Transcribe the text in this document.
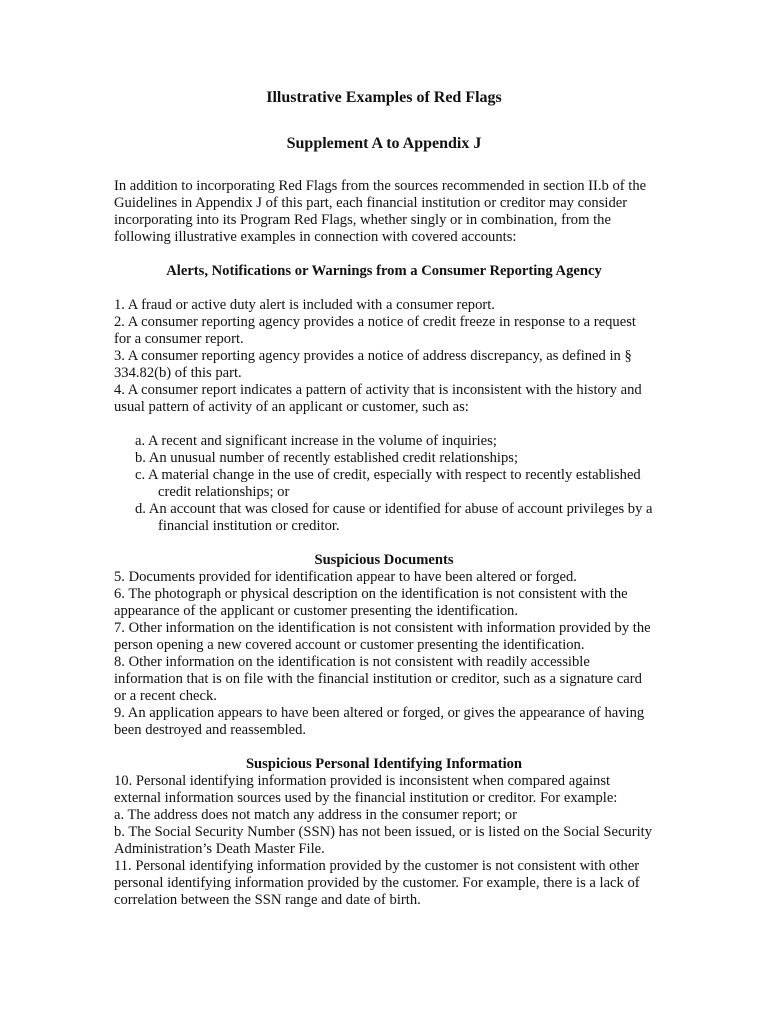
Illustrative Examples of Red Flags

Supplement A to Appendix J

In addition to incorporating Red Flags from the sources recommended in section II.b of the Guidelines in Appendix J of this part, each financial institution or creditor may consider incorporating into its Program Red Flags, whether singly or in combination, from the following illustrative examples in connection with covered accounts:

Alerts, Notifications or Warnings from a Consumer Reporting Agency

1. A fraud or active duty alert is included with a consumer report.

2. A consumer reporting agency provides a notice of credit freeze in response to a request for a consumer report.

3. A consumer reporting agency provides a notice of address discrepancy, as defined in § 334.82(b) of this part.

4. A consumer report indicates a pattern of activity that is inconsistent with the history and usual pattern of activity of an applicant or customer, such as:

a. A recent and significant increase in the volume of inquiries;

b. An unusual number of recently established credit relationships;

c. A material change in the use of credit, especially with respect to recently established credit relationships; or

d. An account that was closed for cause or identified for abuse of account privileges by a financial institution or creditor.

Suspicious Documents

5. Documents provided for identification appear to have been altered or forged.

6. The photograph or physical description on the identification is not consistent with the appearance of the applicant or customer presenting the identification.

7. Other information on the identification is not consistent with information provided by the person opening a new covered account or customer presenting the identification.

8. Other information on the identification is not consistent with readily accessible information that is on file with the financial institution or creditor, such as a signature card or a recent check.

9. An application appears to have been altered or forged, or gives the appearance of having been destroyed and reassembled.

Suspicious Personal Identifying Information

10. Personal identifying information provided is inconsistent when compared against external information sources used by the financial institution or creditor. For example:

a. The address does not match any address in the consumer report; or

b. The Social Security Number (SSN) has not been issued, or is listed on the Social Security Administration’s Death Master File.

11. Personal identifying information provided by the customer is not consistent with other personal identifying information provided by the customer. For example, there is a lack of correlation between the SSN range and date of birth.
